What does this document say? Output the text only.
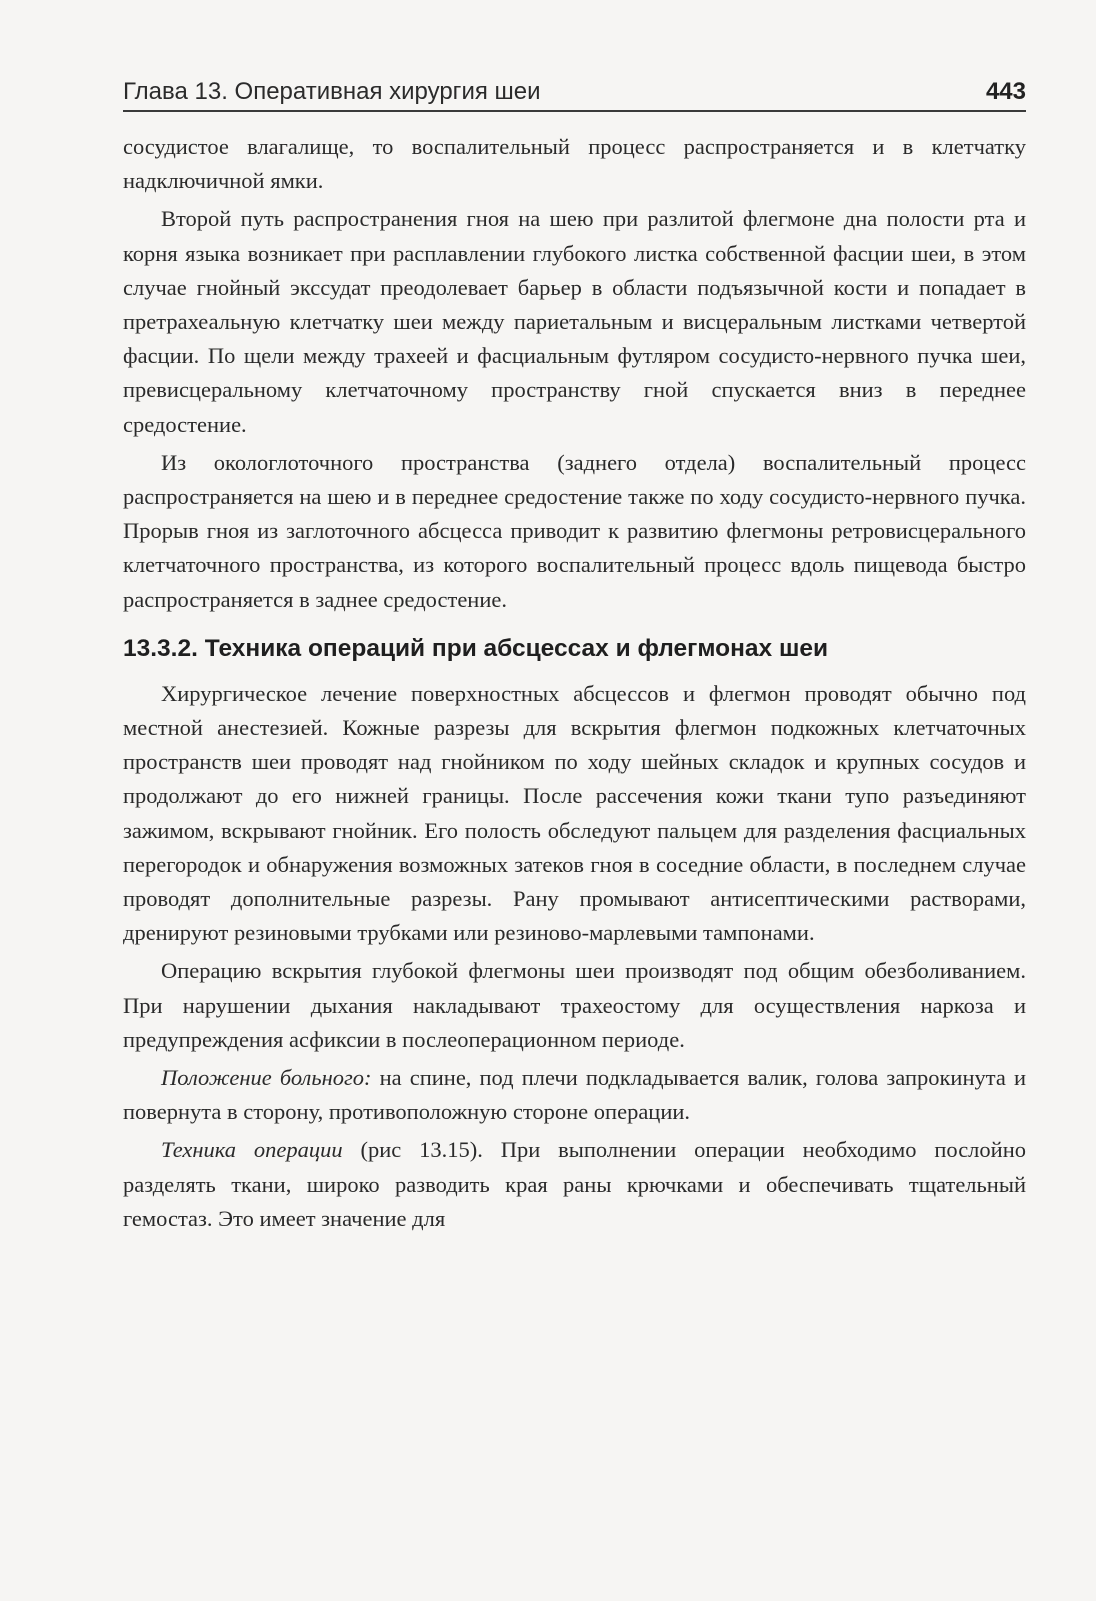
Глава 13. Оперативная хирургия шеи	443

сосудистое влагалище, то воспалительный процесс распространяется и в клетчатку надключичной ямки.

Второй путь распространения гноя на шею при разлитой флегмоне дна полости рта и корня языка возникает при расплавлении глубокого листка собственной фасции шеи, в этом случае гнойный экссудат преодолевает барьер в области подъязычной кости и попадает в претрахеальную клетчатку шеи между париетальным и висцеральным листками четвертой фасции. По щели между трахеей и фасциальным футляром сосудисто-нервного пучка шеи, превисцеральному клетчаточному пространству гной спускается вниз в переднее средостение.

Из окологлоточного пространства (заднего отдела) воспалительный процесс распространяется на шею и в переднее средостение также по ходу сосудисто-нервного пучка. Прорыв гноя из заглоточного абсцесса приводит к развитию флегмоны ретровисцерального клетчаточного пространства, из которого воспалительный процесс вдоль пищевода быстро распространяется в заднее средостение.

13.3.2. Техника операций при абсцессах и флегмонах шеи

Хирургическое лечение поверхностных абсцессов и флегмон проводят обычно под местной анестезией. Кожные разрезы для вскрытия флегмон подкожных клетчаточных пространств шеи проводят над гнойником по ходу шейных складок и крупных сосудов и продолжают до его нижней границы. После рассечения кожи ткани тупо разъединяют зажимом, вскрывают гнойник. Его полость обследуют пальцем для разделения фасциальных перегородок и обнаружения возможных затеков гноя в соседние области, в последнем случае проводят дополнительные разрезы. Рану промывают антисептическими растворами, дренируют резиновыми трубками или резиново-марлевыми тампонами.

Операцию вскрытия глубокой флегмоны шеи производят под общим обезболиванием. При нарушении дыхания накладывают трахеостому для осуществления наркоза и предупреждения асфиксии в послеоперационном периоде.

Положение больного: на спине, под плечи подкладывается валик, голова запрокинута и повернута в сторону, противоположную стороне операции.

Техника операции (рис 13.15). При выполнении операции необходимо послойно разделять ткани, широко разводить края раны крючками и обеспечивать тщательный гемостаз. Это имеет значение для
